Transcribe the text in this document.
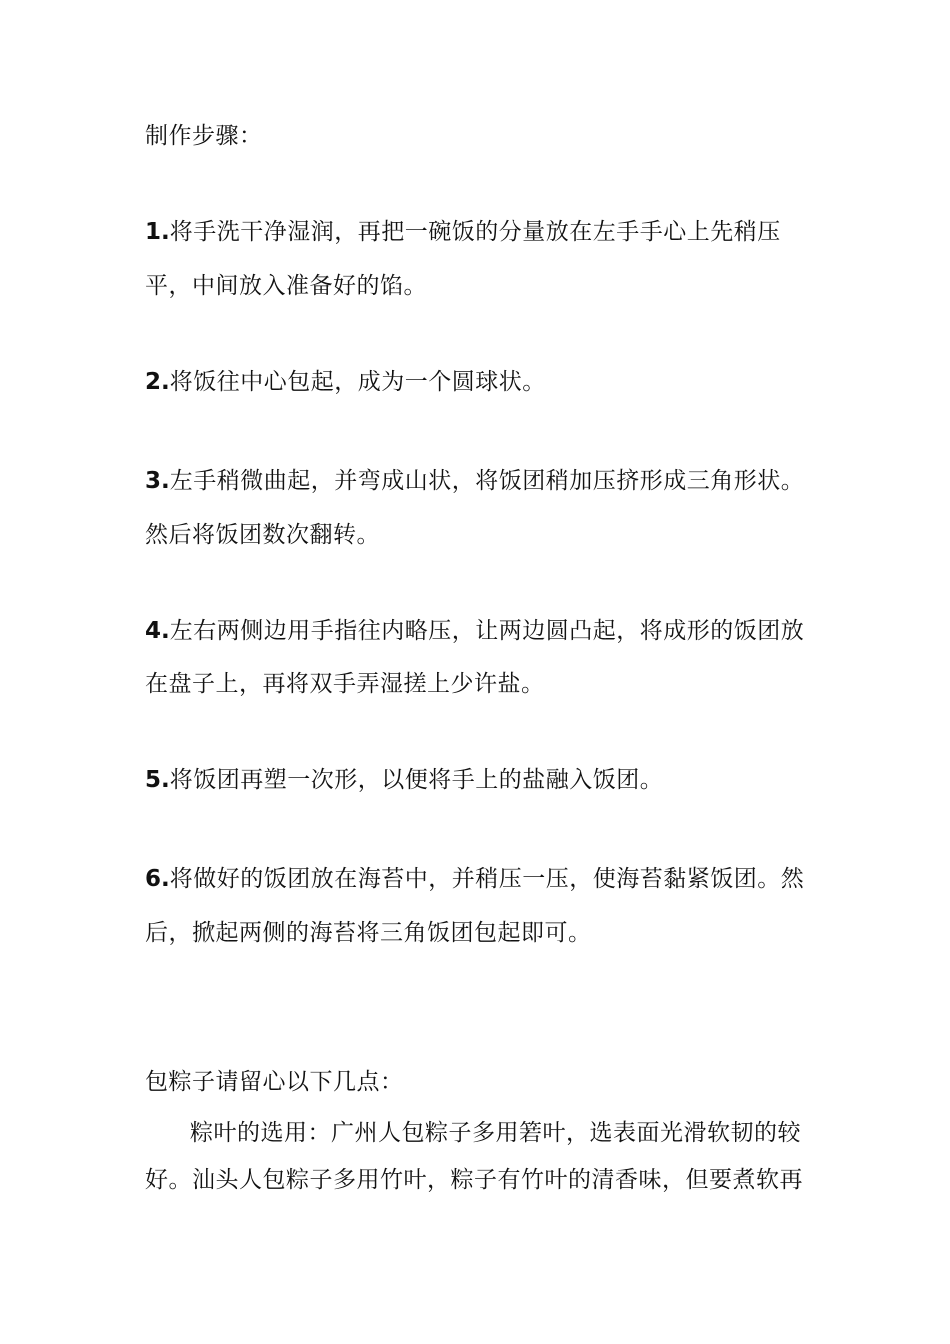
制作步骤：
1.将手洗干净湿润，再把一碗饭的分量放在左手手心上先稍压
平，中间放入准备好的馅。
2.将饭往中心包起，成为一个圆球状。
3.左手稍微曲起，并弯成山状，将饭团稍加压挤形成三角形状。
然后将饭团数次翻转。
4.左右两侧边用手指往内略压，让两边圆凸起，将成形的饭团放
在盘子上，再将双手弄湿搓上少许盐。
5.将饭团再塑一次形，以便将手上的盐融入饭团。
6.将做好的饭团放在海苔中，并稍压一压，使海苔黏紧饭团。然
后，掀起两侧的海苔将三角饭团包起即可。
包粽子请留心以下几点：
粽叶的选用：广州人包粽子多用箬叶，选表面光滑软韧的较
好。汕头人包粽子多用竹叶，粽子有竹叶的清香味，但要煮软再
